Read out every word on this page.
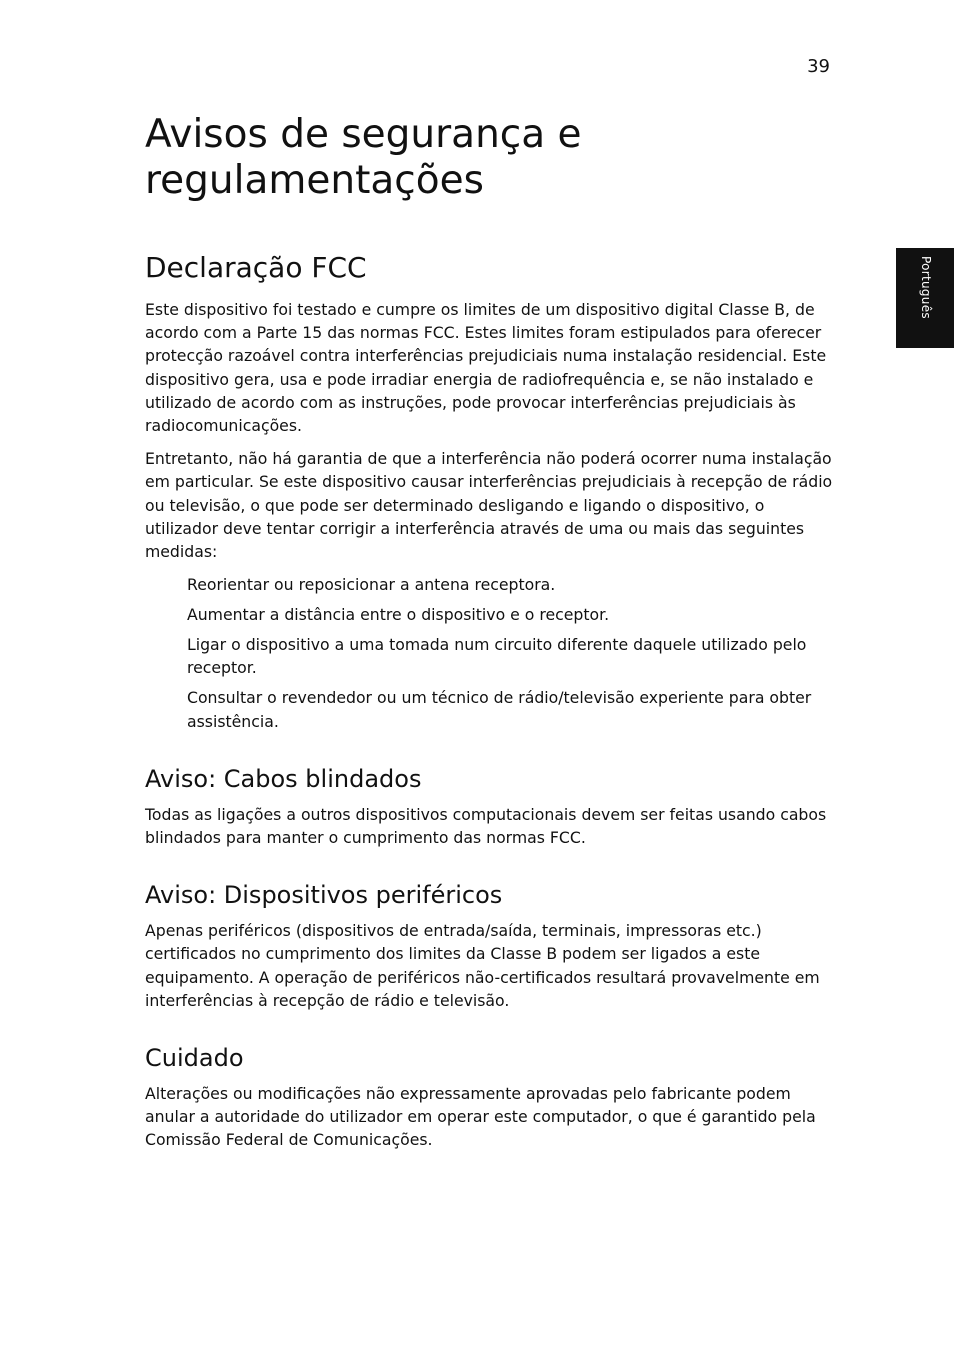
39
Português
Avisos de segurança e regulamentações
Declaração FCC

Este dispositivo foi testado e cumpre os limites de um dispositivo digital Classe B, de acordo com a Parte 15 das normas FCC. Estes limites foram estipulados para oferecer protecção razoável contra interferências prejudiciais numa instalação residencial. Este dispositivo gera, usa e pode irradiar energia de radiofrequência e, se não instalado e utilizado de acordo com as instruções, pode provocar interferências prejudiciais às radiocomunicações.

Entretanto, não há garantia de que a interferência não poderá ocorrer numa instalação em particular. Se este dispositivo causar interferências prejudiciais à recepção de rádio ou televisão, o que pode ser determinado desligando e ligando o dispositivo, o utilizador deve tentar corrigir a interferência através de uma ou mais das seguintes medidas:

Reorientar ou reposicionar a antena receptora.
Aumentar a distância entre o dispositivo e o receptor.
Ligar o dispositivo a uma tomada num circuito diferente daquele utilizado pelo receptor.
Consultar o revendedor ou um técnico de rádio/televisão experiente para obter assistência.
Aviso: Cabos blindados

Todas as ligações a outros dispositivos computacionais devem ser feitas usando cabos blindados para manter o cumprimento das normas FCC.

Aviso: Dispositivos periféricos

Apenas periféricos (dispositivos de entrada/saída, terminais, impressoras etc.) certificados no cumprimento dos limites da Classe B podem ser ligados a este equipamento. A operação de periféricos não-certificados resultará provavelmente em interferências à recepção de rádio e televisão.

Cuidado

Alterações ou modificações não expressamente aprovadas pelo fabricante podem anular a autoridade do utilizador em operar este computador, o que é garantido pela Comissão Federal de Comunicações.
